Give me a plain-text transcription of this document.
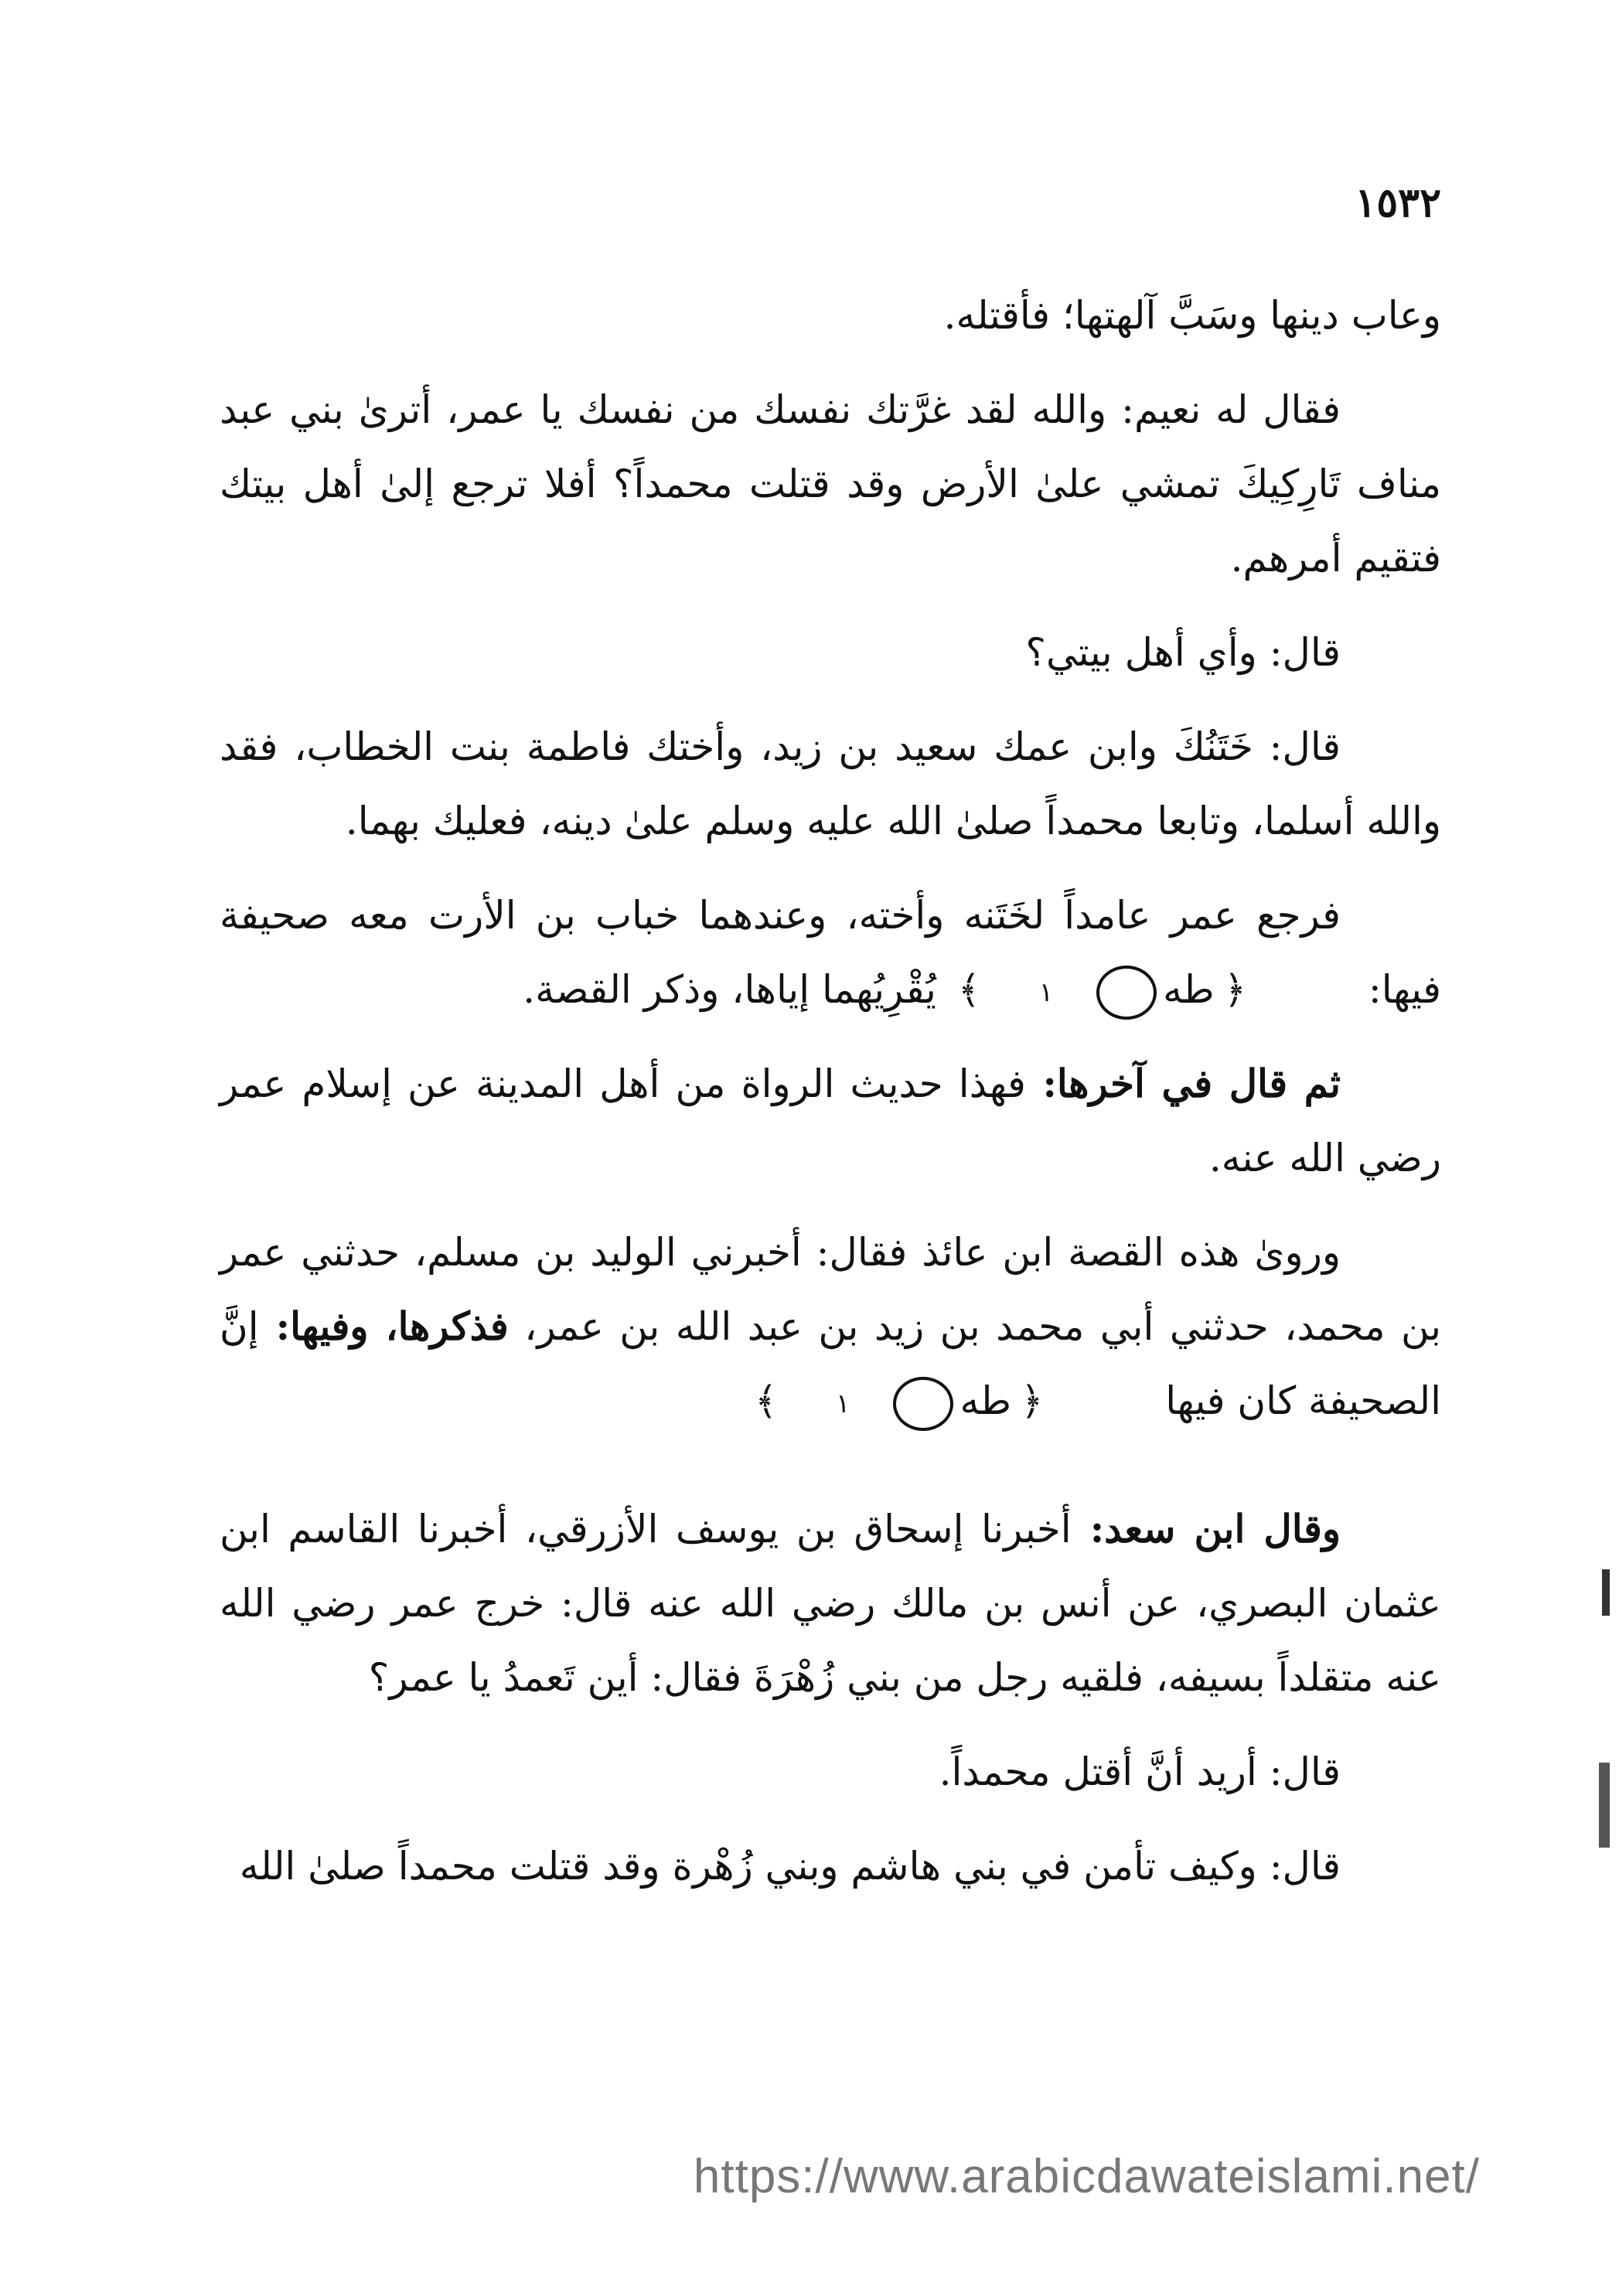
١٥٣٢

وعاب دينها وسَبَّ آلهتها؛ فأقتله.

فقال له نعيم: والله لقد غرَّتك نفسك من نفسك يا عمر، أترىٰ بني عبد مناف تَارِكِيكَ تمشي علىٰ الأرض وقد قتلت محمداً؟ أفلا ترجع إلىٰ أهل بيتك فتقيم أمرهم.

قال: وأي أهل بيتي؟

قال: خَتَنُكَ وابن عمك سعيد بن زيد، وأختك فاطمة بنت الخطاب، فقد والله أسلما، وتابعا محمداً صلىٰ الله عليه وسلم علىٰ دينه، فعليك بهما.

فرجع عمر عامداً لخَتَنه وأخته، وعندهما خباب بن الأرت معه صحيفة فيها: ﴿طه١﴾ يُقْرِيُهما إياها، وذكر القصة.

ثم قال في آخرها: فهذا حديث الرواة من أهل المدينة عن إسلام عمر رضي الله عنه.

وروىٰ هذه القصة ابن عائذ فقال: أخبرني الوليد بن مسلم، حدثني عمر بن محمد، حدثني أبي محمد بن زيد بن عبد الله بن عمر، فذكرها، وفيها: إنَّ الصحيفة كان فيها ﴿طه١﴾

وقال ابن سعد: أخبرنا إسحاق بن يوسف الأزرقي، أخبرنا القاسم ابن عثمان البصري، عن أنس بن مالك رضي الله عنه قال: خرج عمر رضي الله عنه متقلداً بسيفه، فلقيه رجل من بني زُهْرَةَ فقال: أين تَعمدُ يا عمر؟

قال: أريد أنَّ أقتل محمداً.

قال: وكيف تأمن في بني هاشم وبني زُهْرة وقد قتلت محمداً صلىٰ الله

https://www.arabicdawateislami.net/
